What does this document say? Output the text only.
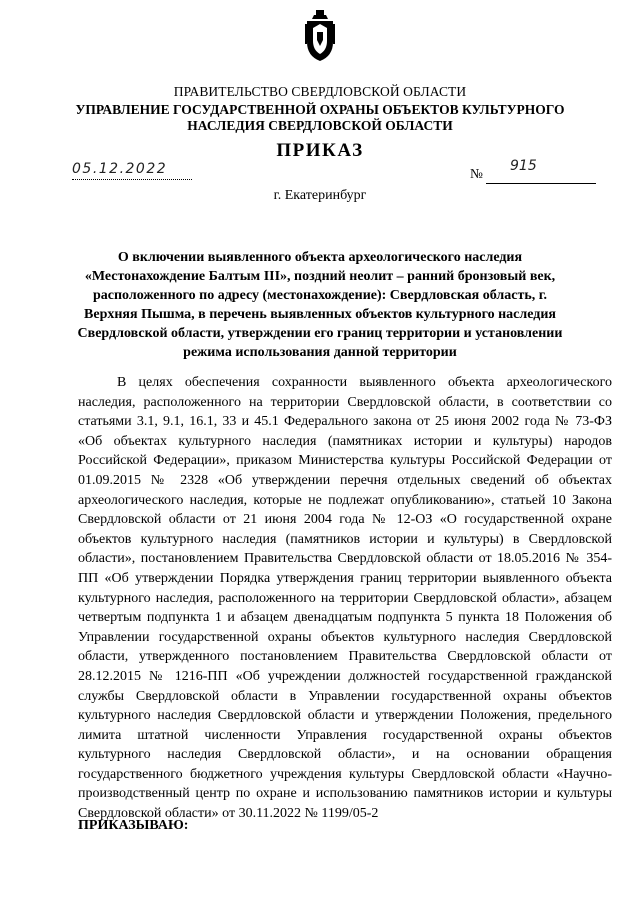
ПРАВИТЕЛЬСТВО СВЕРДЛОВСКОЙ ОБЛАСТИ
УПРАВЛЕНИЕ ГОСУДАРСТВЕННОЙ ОХРАНЫ ОБЪЕКТОВ КУЛЬТУРНОГО НАСЛЕДИЯ СВЕРДЛОВСКОЙ ОБЛАСТИ
ПРИКАЗ
05.12.2022	№ 915
г. Екатеринбург
О включении выявленного объекта археологического наследия «Местонахождение Балтым III», поздний неолит – ранний бронзовый век, расположенного по адресу (местонахождение): Свердловская область, г. Верхняя Пышма, в перечень выявленных объектов культурного наследия Свердловской области, утверждении его границ территории и установлении режима использования данной территории
В целях обеспечения сохранности выявленного объекта археологического наследия, расположенного на территории Свердловской области, в соответствии со статьями 3.1, 9.1, 16.1, 33 и 45.1 Федерального закона от 25 июня 2002 года № 73-ФЗ «Об объектах культурного наследия (памятниках истории и культуры) народов Российской Федерации», приказом Министерства культуры Российской Федерации от 01.09.2015 № 2328 «Об утверждении перечня отдельных сведений об объектах археологического наследия, которые не подлежат опубликованию», статьей 10 Закона Свердловской области от 21 июня 2004 года № 12-ОЗ «О государственной охране объектов культурного наследия (памятников истории и культуры) в Свердловской области», постановлением Правительства Свердловской области от 18.05.2016 № 354-ПП «Об утверждении Порядка утверждения границ территории выявленного объекта культурного наследия, расположенного на территории Свердловской области», абзацем четвертым подпункта 1 и абзацем двенадцатым подпункта 5 пункта 18 Положения об Управлении государственной охраны объектов культурного наследия Свердловской области, утвержденного постановлением Правительства Свердловской области от 28.12.2015 № 1216-ПП «Об учреждении должностей государственной гражданской службы Свердловской области в Управлении государственной охраны объектов культурного наследия Свердловской области и утверждении Положения, предельного лимита штатной численности Управления государственной охраны объектов культурного наследия Свердловской области», и на основании обращения государственного бюджетного учреждения культуры Свердловской области «Научно-производственный центр по охране и использованию памятников истории и культуры Свердловской области» от 30.11.2022 № 1199/05-2
ПРИКАЗЫВАЮ:
